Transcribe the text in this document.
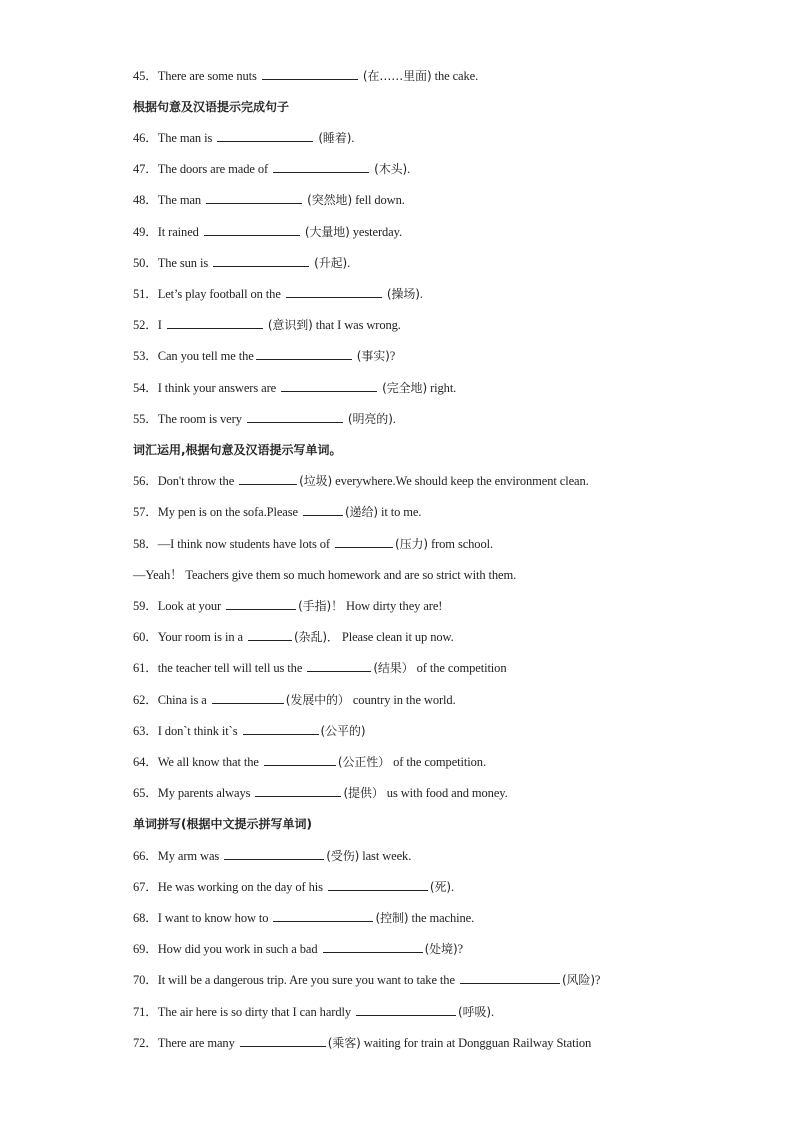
45．There are some nuts	(在……里面) the cake.
根据句意及汉语提示完成句子
46．The man is	(睡着).
47．The doors are made of	(木头).
48．The man	(突然地) fell down.
49．It rained	(大量地) yesterday.
50．The sun is	(升起).
51．Let’s play football on the	(操场).
52．I	(意识到) that I was wrong.
53．Can you tell me the	(事实)?
54．I think your answers are	(完全地) right.
55．The room is very	(明亮的).
词汇运用,根据句意及汉语提示写单词。
56．Don't throw the	(垃圾) everywhere.We should keep the environment clean.
57．My pen is on the sofa.Please	(递给) it to me.
58．—I think now students have lots of	(压力) from school.
—Yeah！ Teachers give them so much homework and are so strict with them.
59．Look at your	(手指)！ How dirty they are!
60．Your room is in a	(杂乱)． Please clean it up now.
61．the teacher tell will tell us the	(结果） of the competition
62．China is a	(发展中的） country in the world.
63．I don`t think it`s	(公平的)
64．We all know that the	(公正性） of the competition.
65．My parents always	(提供） us with food and money.
单词拼写(根据中文提示拼写单词)
66．My arm was	(受伤) last week.
67．He was working on the day of his	(死).
68．I want to know how to	(控制) the machine.
69．How did you work in such a bad	(处境)?
70．It will be a dangerous trip. Are you sure you want to take the	(风险)?
71．The air here is so dirty that I can hardly	(呼吸).
72．There are many	(乘客) waiting for train at Dongguan Railway Station
